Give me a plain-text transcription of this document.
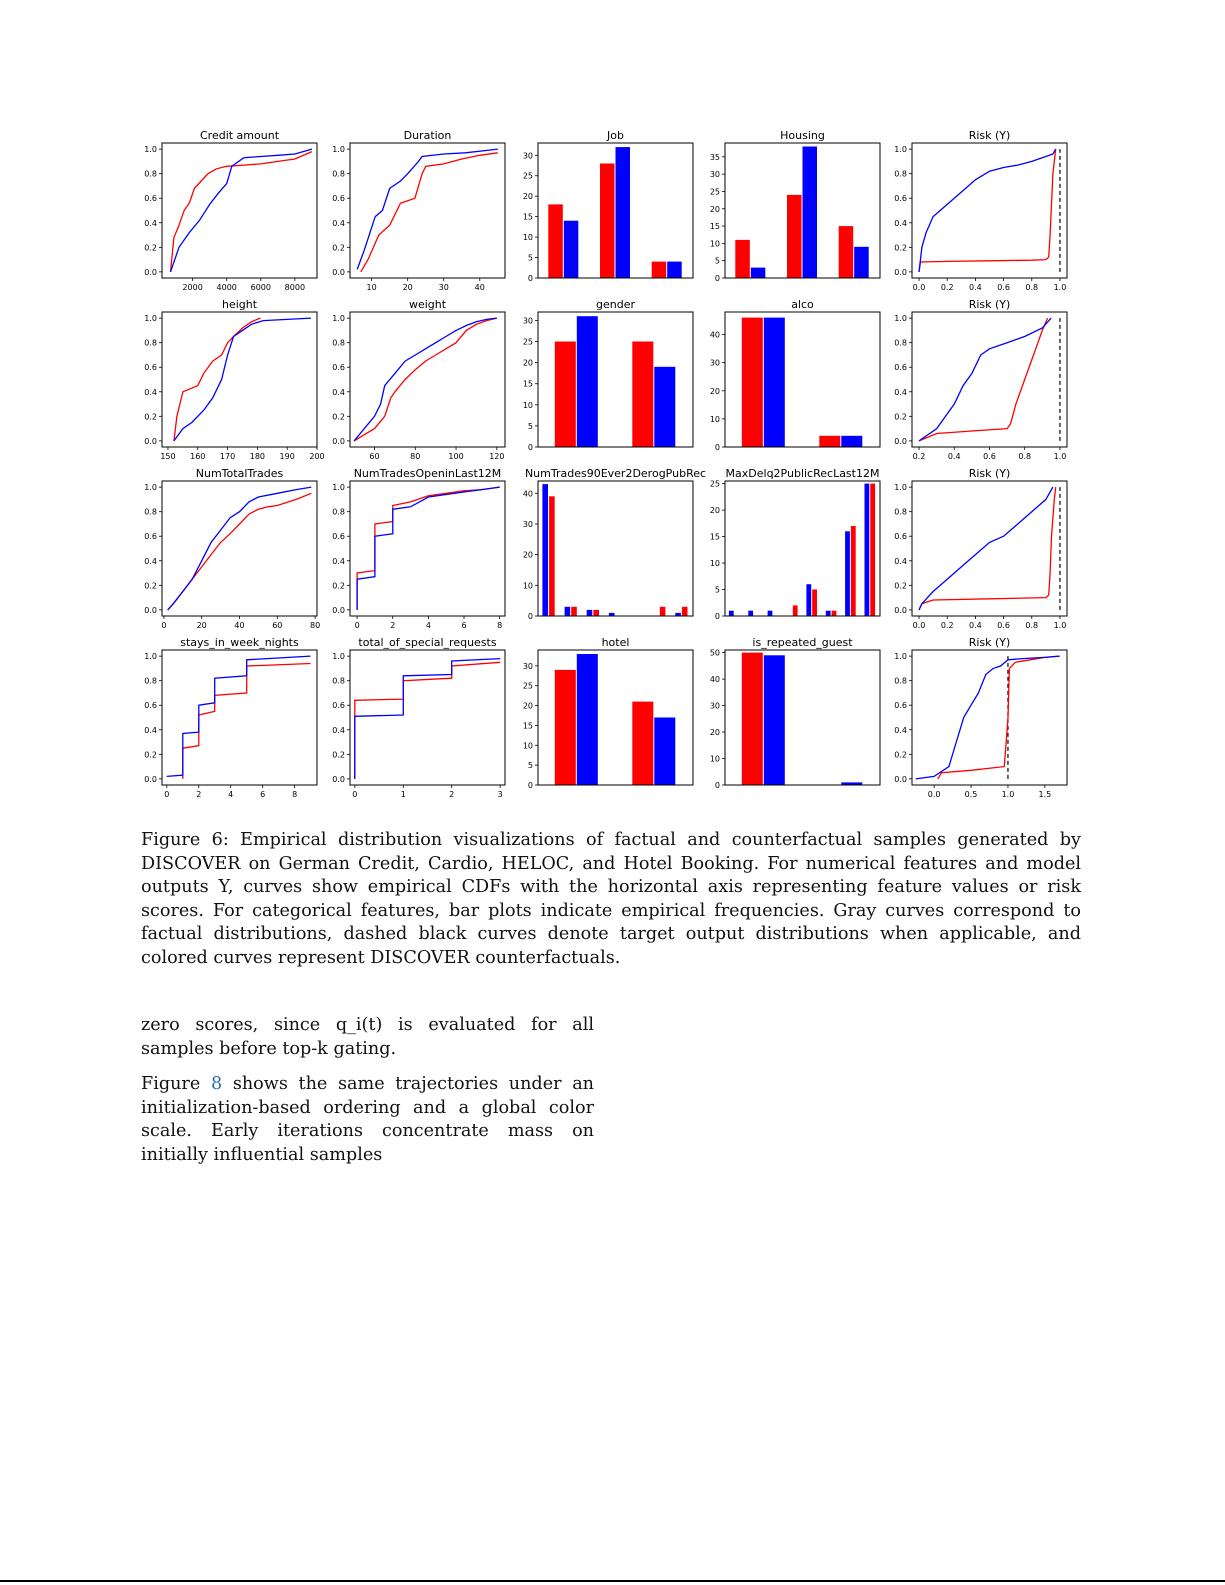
Credit amount
0.0
0.2
0.4
0.6
0.8
1.0
2000 4000 6000 8000
Duration
0.0
0.2
0.4
0.6
0.8
1.0
10	20	30	40
Job
0
5
10
15
20
25
30
Housing
0
5
10
15
20
25
30
35
Risk (Y)
0.0
0.2
0.4
0.6
0.8
1.0
0.0 0.2 0.4 0.6 0.8 1.0
height
0.0
0.2
0.4
0.6
0.8
1.0
150 160 170 180 190 200
weight
0.0
0.2
0.4
0.6
0.8
1.0
60	80	100	120
gender
0
5
10
15
20
25
30
alco
0
10
20
30
40
Risk (Y)
0.0
0.2
0.4
0.6
0.8
1.0
0.2	0.4	0.6	0.8	1.0
NumTotalTrades
0.0
0.2
0.4
0.6
0.8
1.0
0	20	40	60	80
NumTradesOpeninLast12M
0.0
0.2
0.4
0.6
0.8
1.0
0	2	4	6	8
NumTrades90Ever2DerogPubRec
0
10
20
30
40
MaxDelq2PublicRecLast12M
0
5
10
15
20
25
Risk (Y)
0.0
0.2
0.4
0.6
0.8
1.0
0.0 0.2 0.4 0.6 0.8 1.0
stays_in_week_nights
0.0
0.2
0.4
0.6
0.8
1.0
0	2	4	6	8
total_of_special_requests
0.0
0.2
0.4
0.6
0.8
1.0
0	1	2	3
hotel
0
5
10
15
20
25
30
is_repeated_guest
0
10
20
30
40
50
Risk (Y)
0.0
0.2
0.4
0.6
0.8
1.0
0.0	0.5	1.0	1.5

Figure 6: Empirical distribution visualizations of factual and counterfactual samples generated by DISCOVER on German Credit, Cardio, HELOC, and Hotel Booking. For numerical features and model outputs Y, curves show empirical CDFs with the horizontal axis representing feature values or risk scores. For categorical features, bar plots indicate empirical frequencies. Gray curves correspond to factual distributions, dashed black curves denote target output distributions when applicable, and colored curves represent DISCOVER counterfactuals.

zero scores, since q_i(t) is evaluated for all samples before top-k gating.

Figure 8 shows the same trajectories under an initialization-based ordering and a global color scale. Early iterations concentrate mass on initially influential samples
